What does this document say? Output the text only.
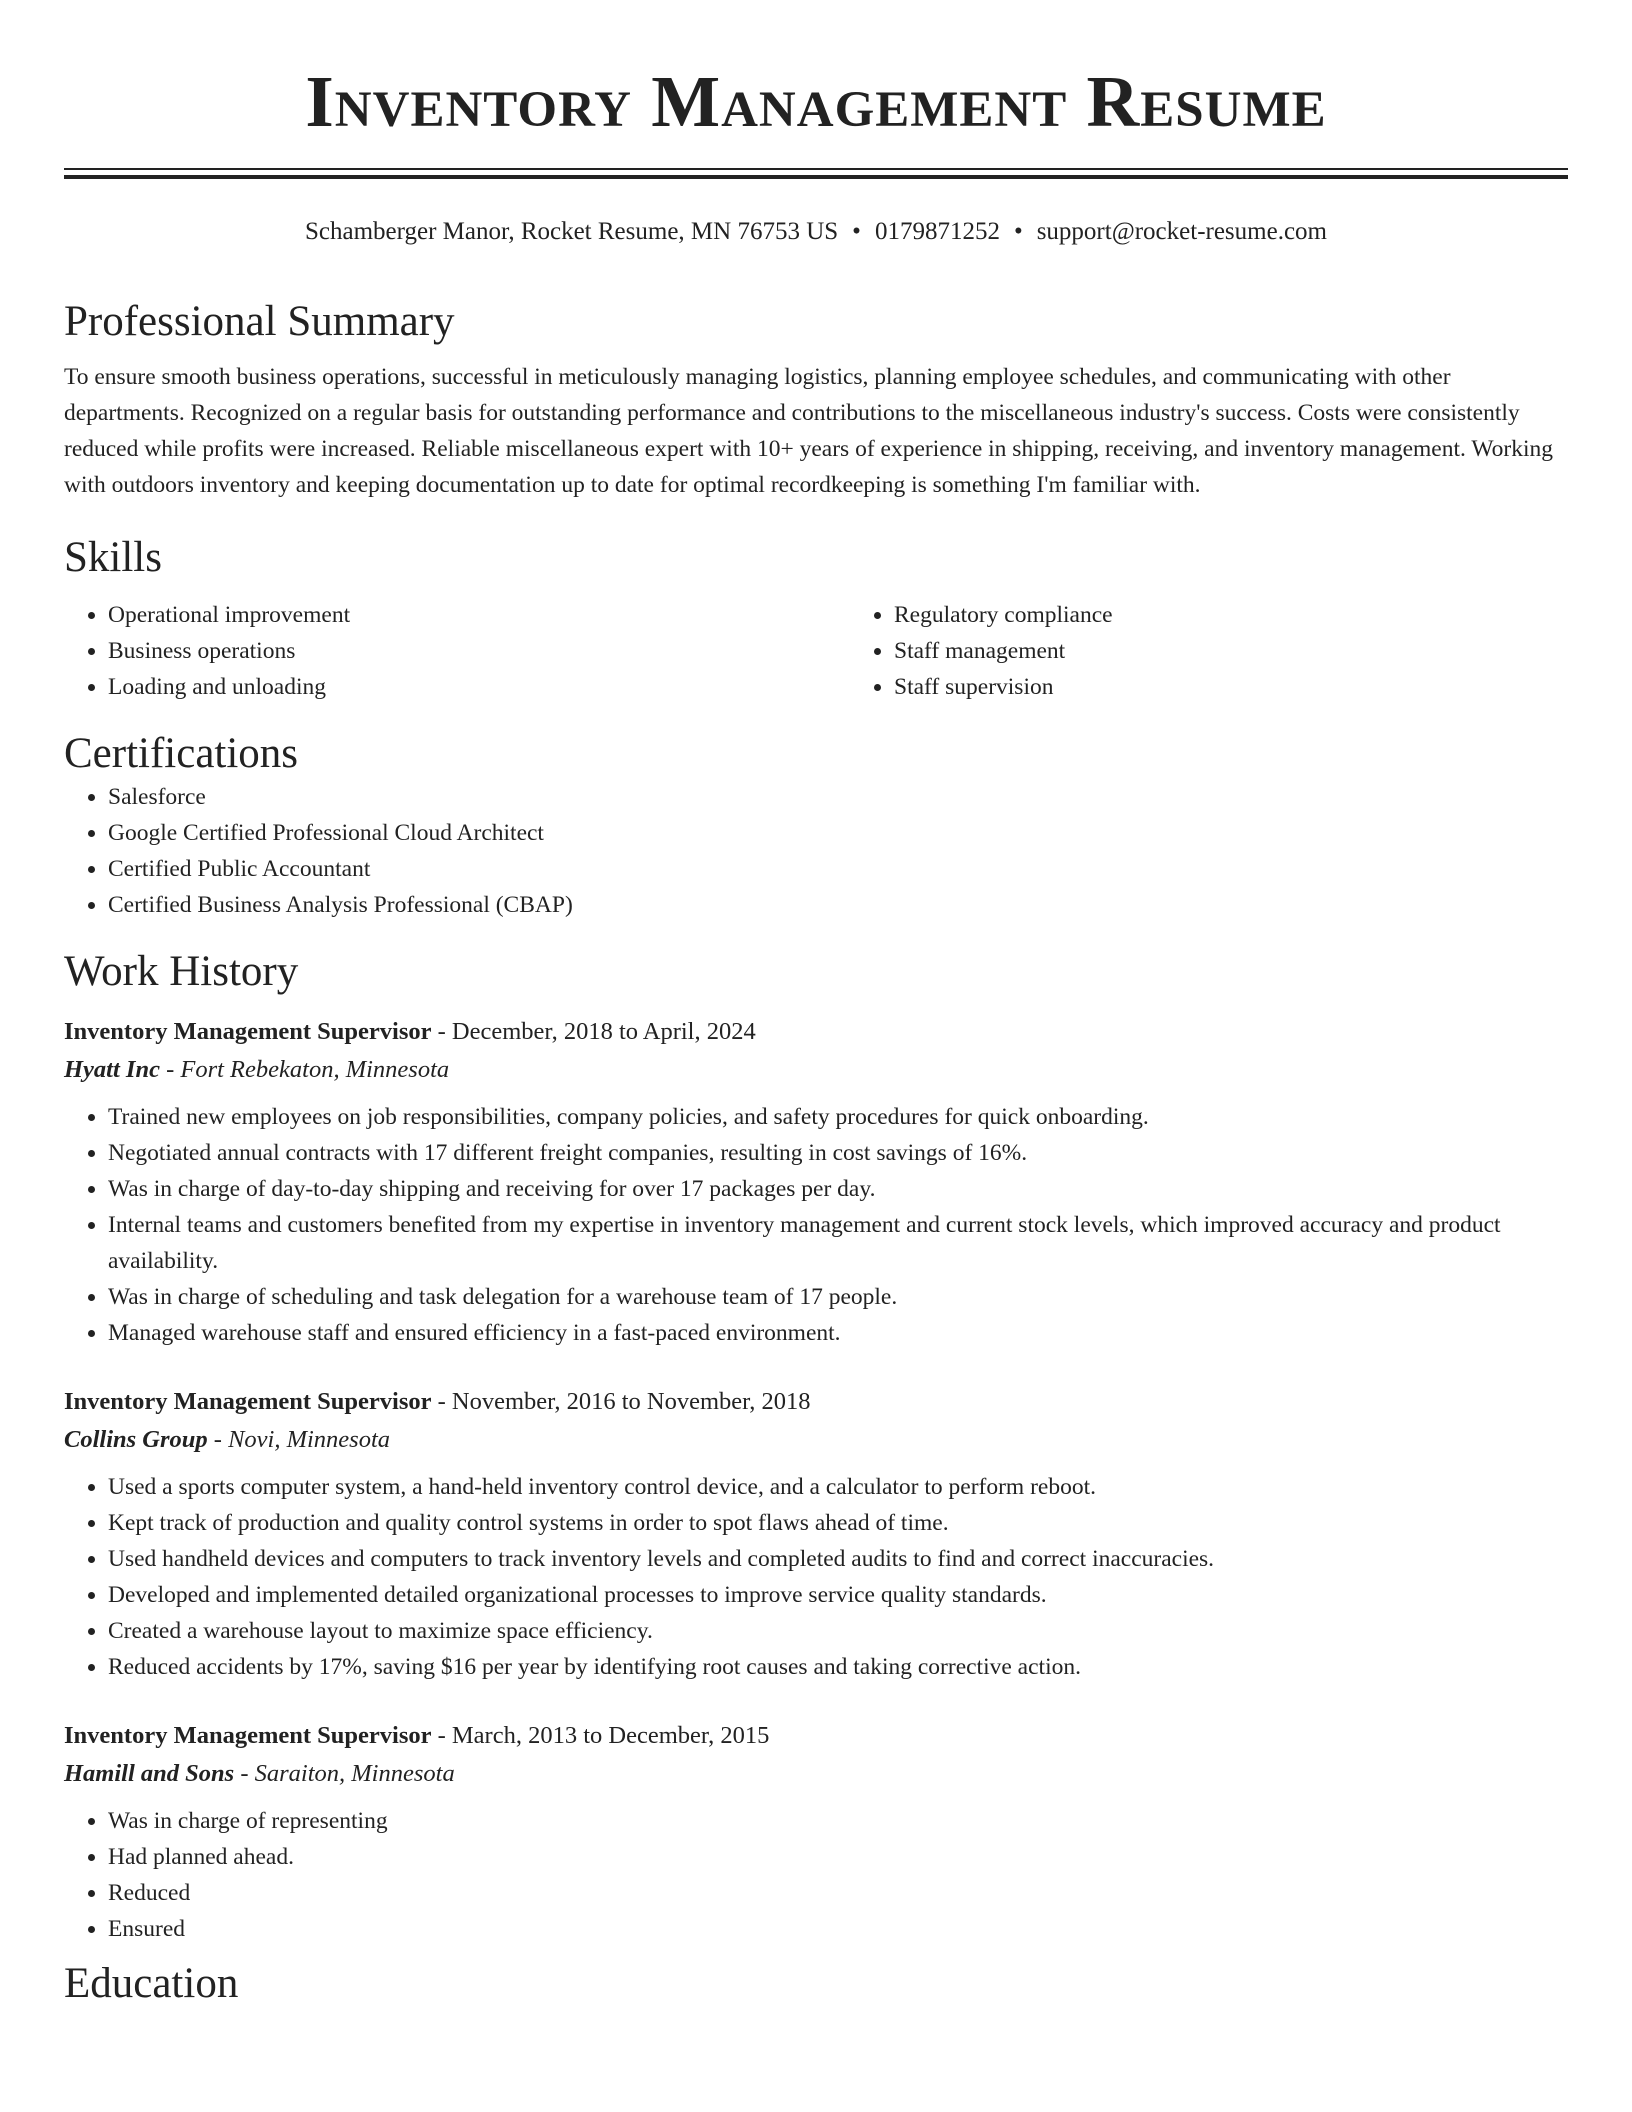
Inventory Management Resume
Schamberger Manor, Rocket Resume, MN 76753 US • 0179871252 • support@rocket-resume.com
Professional Summary
To ensure smooth business operations, successful in meticulously managing logistics, planning employee schedules, and communicating with other departments. Recognized on a regular basis for outstanding performance and contributions to the miscellaneous industry's success. Costs were consistently reduced while profits were increased. Reliable miscellaneous expert with 10+ years of experience in shipping, receiving, and inventory management. Working with outdoors inventory and keeping documentation up to date for optimal recordkeeping is something I'm familiar with.
Skills
• Operational improvement
• Business operations
• Loading and unloading
• Regulatory compliance
• Staff management
• Staff supervision
Certifications
• Salesforce
• Google Certified Professional Cloud Architect
• Certified Public Accountant
• Certified Business Analysis Professional (CBAP)
Work History
Inventory Management Supervisor - December, 2018 to April, 2024
Hyatt Inc - Fort Rebekaton, Minnesota
• Trained new employees on job responsibilities, company policies, and safety procedures for quick onboarding.
• Negotiated annual contracts with 17 different freight companies, resulting in cost savings of 16%.
• Was in charge of day-to-day shipping and receiving for over 17 packages per day.
• Internal teams and customers benefited from my expertise in inventory management and current stock levels, which improved accuracy and product availability.
• Was in charge of scheduling and task delegation for a warehouse team of 17 people.
• Managed warehouse staff and ensured efficiency in a fast-paced environment.
Inventory Management Supervisor - November, 2016 to November, 2018
Collins Group - Novi, Minnesota
• Used a sports computer system, a hand-held inventory control device, and a calculator to perform reboot.
• Kept track of production and quality control systems in order to spot flaws ahead of time.
• Used handheld devices and computers to track inventory levels and completed audits to find and correct inaccuracies.
• Developed and implemented detailed organizational processes to improve service quality standards.
• Created a warehouse layout to maximize space efficiency.
• Reduced accidents by 17%, saving $16 per year by identifying root causes and taking corrective action.
Inventory Management Supervisor - March, 2013 to December, 2015
Hamill and Sons - Saraiton, Minnesota
• Was in charge of representing
• Had planned ahead.
• Reduced
• Ensured
Education
